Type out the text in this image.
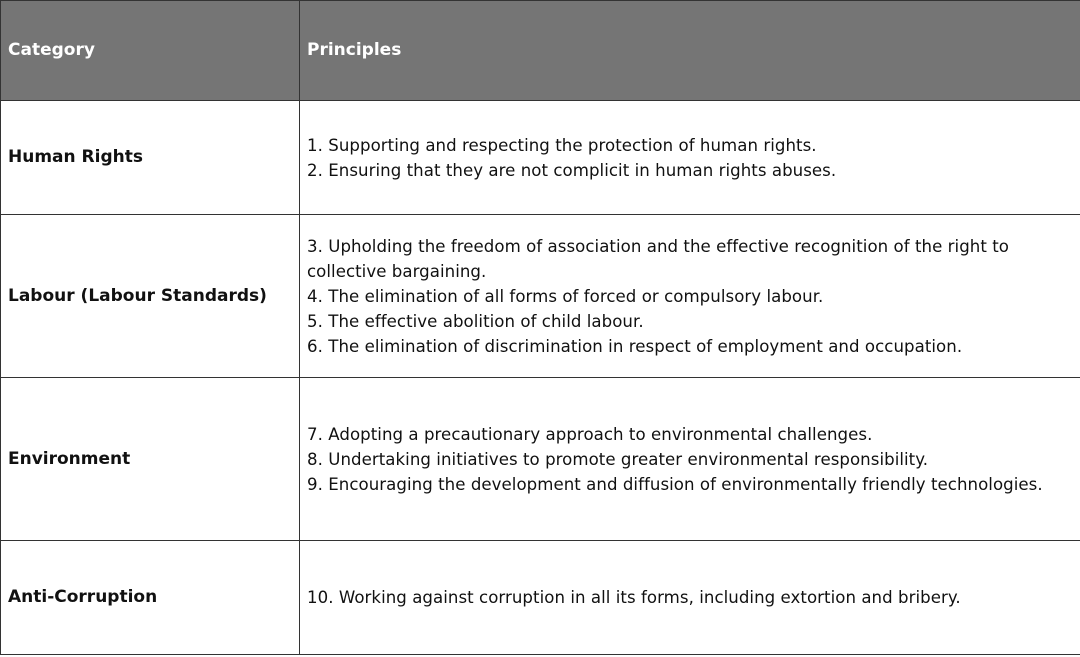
Category	Principles
Human Rights	1. Supporting and respecting the protection of human rights.
2. Ensuring that they are not complicit in human rights abuses.

Labour (Labour Standards)	3. Upholding the freedom of association and the effective recognition of the right to collective bargaining.
4. The elimination of all forms of forced or compulsory labour.
5. The effective abolition of child labour.
6. The elimination of discrimination in respect of employment and occupation.

Environment	7. Adopting a precautionary approach to environmental challenges.
8. Undertaking initiatives to promote greater environmental responsibility.
9. Encouraging the development and diffusion of environmentally friendly technologies.

Anti-Corruption	10. Working against corruption in all its forms, including extortion and bribery.
